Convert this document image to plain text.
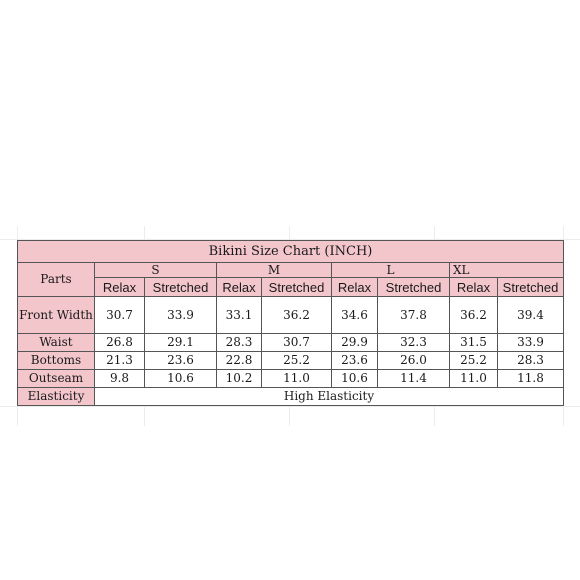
Bikini Size Chart (INCH)								
Parts	S		M		L		XL	
	Relax	Stretched	Relax	Stretched	Relax	Stretched	Relax	Stretched
Front Width	30.7	33.9	33.1	36.2	34.6	37.8	36.2	39.4
Waist	26.8	29.1	28.3	30.7	29.9	32.3	31.5	33.9
Bottoms	21.3	23.6	22.8	25.2	23.6	26.0	25.2	28.3
Outseam	9.8	10.6	10.2	11.0	10.6	11.4	11.0	11.8
Elasticity	High Elasticity							
